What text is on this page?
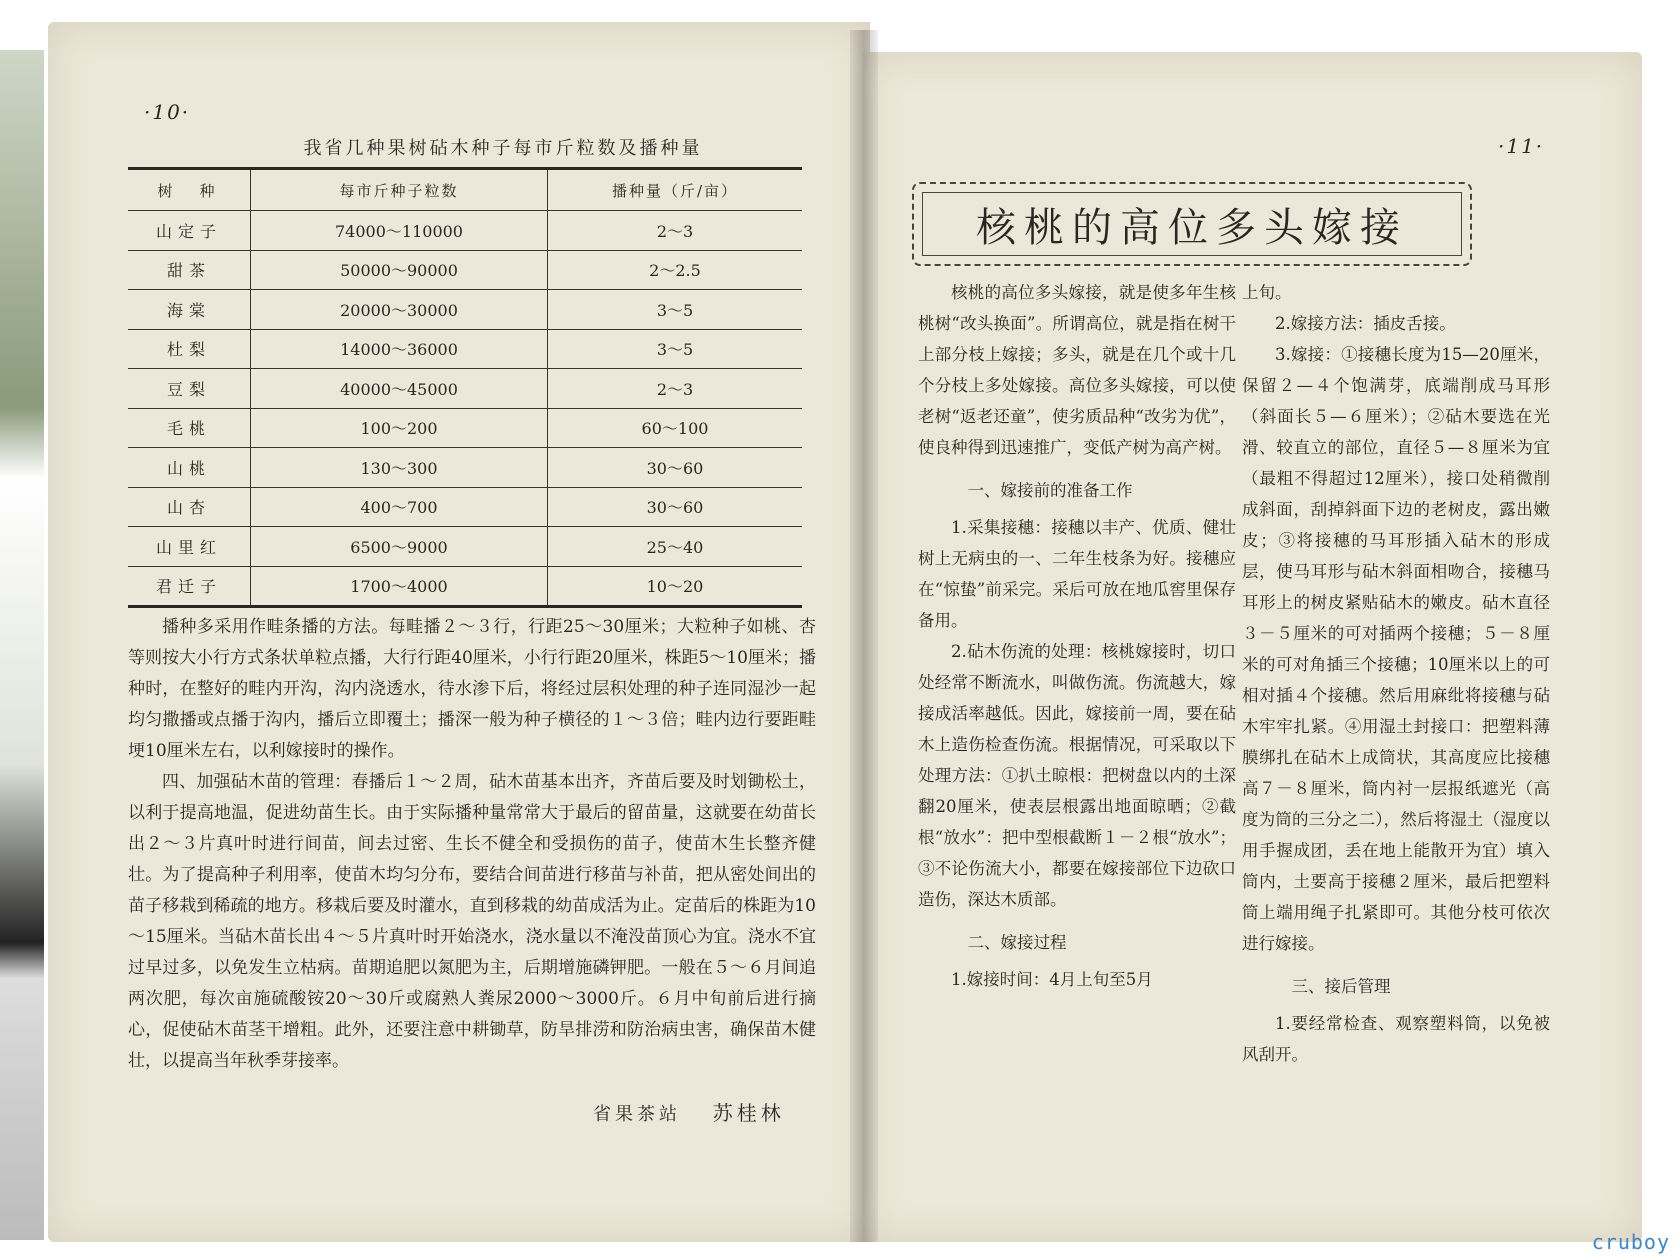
·10·
我省几种果树砧木种子每市斤粒数及播种量
树　种	每市斤种子粒数	播种量（斤/亩）
山定子	74000～110000	2～3
甜茶	50000～90000	2～2.5
海棠	20000～30000	3～5
杜梨	14000～36000	3～5
豆梨	40000～45000	2～3
毛桃	100～200	60～100
山桃	130～300	30～60
山杏	400～700	30～60
山里红	6500～9000	25～40
君迁子	1700～4000	10～20

播种多采用作畦条播的方法。每畦播２～３行，行距25～30厘米；大粒种子如桃、杏等则按大小行方式条状单粒点播，大行行距40厘米，小行行距20厘米，株距5～10厘米；播种时，在整好的畦内开沟，沟内浇透水，待水渗下后，将经过层积处理的种子连同湿沙一起均匀撒播或点播于沟内，播后立即覆土；播深一般为种子横径的１～３倍；畦内边行要距畦埂10厘米左右，以利嫁接时的操作。

四、加强砧木苗的管理：春播后１～２周，砧木苗基本出齐，齐苗后要及时划锄松土，以利于提高地温，促进幼苗生长。由于实际播种量常常大于最后的留苗量，这就要在幼苗长出２～３片真叶时进行间苗，间去过密、生长不健全和受损伤的苗子，使苗木生长整齐健壮。为了提高种子利用率，使苗木均匀分布，要结合间苗进行移苗与补苗，把从密处间出的苗子移栽到稀疏的地方。移栽后要及时灌水，直到移栽的幼苗成活为止。定苗后的株距为10～15厘米。当砧木苗长出４～５片真叶时开始浇水，浇水量以不淹没苗顶心为宜。浇水不宜过早过多，以免发生立枯病。苗期追肥以氮肥为主，后期增施磷钾肥。一般在５～６月间追两次肥，每次亩施硫酸铵20～30斤或腐熟人粪尿2000～3000斤。６月中旬前后进行摘心，促使砧木苗茎干增粗。此外，还要注意中耕锄草，防旱排涝和防治病虫害，确保苗木健壮，以提高当年秋季芽接率。

省果茶站 苏桂林
·11·
核桃的高位多头嫁接

核桃的高位多头嫁接，就是使多年生核桃树“改头换面”。所谓高位，就是指在树干上部分枝上嫁接；多头，就是在几个或十几个分枝上多处嫁接。高位多头嫁接，可以使老树“返老还童”，使劣质品种“改劣为优”，使良种得到迅速推广，变低产树为高产树。

一、嫁接前的准备工作

1.采集接穗：接穗以丰产、优质、健壮树上无病虫的一、二年生枝条为好。接穗应在“惊蛰”前采完。采后可放在地瓜窖里保存备用。

2.砧木伤流的处理：核桃嫁接时，切口处经常不断流水，叫做伤流。伤流越大，嫁接成活率越低。因此，嫁接前一周，要在砧木上造伤检查伤流。根据情况，可采取以下处理方法：①扒土晾根：把树盘以内的土深翻20厘米，使表层根露出地面晾晒；②截根“放水”：把中型根截断１－２根“放水”；③不论伤流大小，都要在嫁接部位下边砍口造伤，深达木质部。

二、嫁接过程

1.嫁接时间：4月上旬至5月

上旬。

2.嫁接方法：插皮舌接。

3.嫁接：①接穗长度为15—20厘米，保留２—４个饱满芽，底端削成马耳形（斜面长５—６厘米）；②砧木要选在光滑、较直立的部位，直径５—８厘米为宜（最粗不得超过12厘米），接口处稍微削成斜面，刮掉斜面下边的老树皮，露出嫩皮；③将接穗的马耳形插入砧木的形成层，使马耳形与砧木斜面相吻合，接穗马耳形上的树皮紧贴砧木的嫩皮。砧木直径３－５厘米的可对插两个接穗；５－８厘米的可对角插三个接穗；10厘米以上的可相对插４个接穗。然后用麻纰将接穗与砧木牢牢扎紧。④用湿土封接口：把塑料薄膜绑扎在砧木上成筒状，其高度应比接穗高７－８厘米，筒内衬一层报纸遮光（高度为筒的三分之二），然后将湿土（湿度以用手握成团，丢在地上能散开为宜）填入筒内，土要高于接穗２厘米，最后把塑料筒上端用绳子扎紧即可。其他分枝可依次进行嫁接。

三、接后管理

1.要经常检查、观察塑料筒，以免被风刮开。

cruboy
